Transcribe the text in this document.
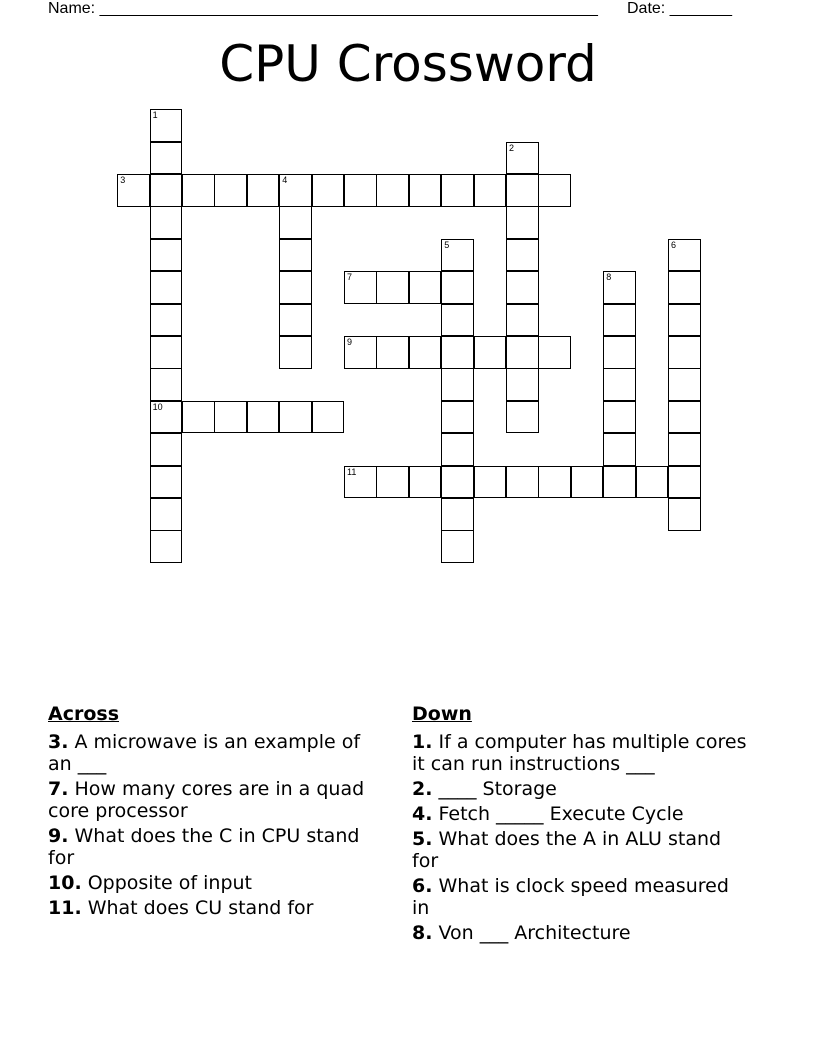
Name: ________________________________________________________ Date: _______
CPU Crossword
3	4
7
9
10
11
1
2
5	6
8
Across
3. A microwave is an example of an ___
7. How many cores are in a quad core processor
9. What does the C in CPU stand for
10. Opposite of input
11. What does CU stand for
Down
1. If a computer has multiple cores it can run instructions ___
2. ____ Storage
4. Fetch _____ Execute Cycle
5. What does the A in ALU stand for
6. What is clock speed measured in
8. Von ___ Architecture
